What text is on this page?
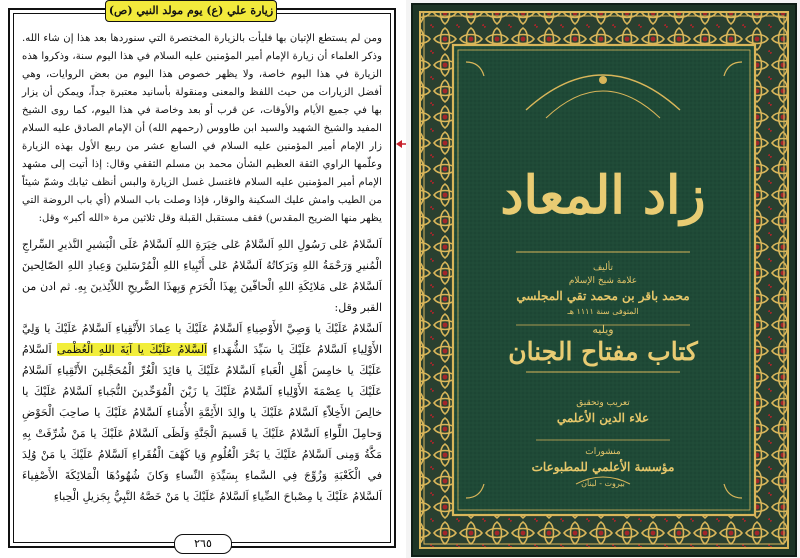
زيارة علي (ع) يوم مولد النبي (ص)

ومن لم يستطع الإتيان بها فليأت بالزيارة المختصرة التي سنوردها بعد هذا إن شاء الله. وذكر العلماء أن زيارة الإمام أمير المؤمنين عليه السلام في هذا اليوم سنة، وذكروا هذه الزيارة في هذا اليوم خاصة، ولا يظهر خصوص هذا اليوم من بعض الروايات، وهي أفضل الزيارات من حيث اللفظ والمعنى ومنقولة بأسانيد معتبرة جداً، ويمكن أن يزار بها في جميع الأيام والأوقات، عن قرب أو بعد وخاصة في هذا اليوم، كما روى الشيخ المفيد والشيخ الشهيد والسيد ابن طاووس (رحمهم الله) أن الإمام الصادق عليه السلام زار الإمام أمير المؤمنين عليه السلام في السابع عشر من ربيع الأول بهذه الزيارة وعلّمها الراوي الثقة العظيم الشأن محمد بن مسلم الثقفي وقال: إذا أتيت إلى مشهد الإمام أمير المؤمنين عليه السلام فاغتسل غسل الزيارة والبس أنظف ثيابك وشمّ شيئاً من الطيب وامش عليك السكينة والوقار، فإذا وصلت باب السلام (أي باب الروضة التي يظهر منها الضريح المقدس) فقف مستقبل القبلة وقل ثلاثين مرة «الله أكبر» وقل:

اَلسَّلامُ عَلى رَسُولِ اللهِ اَلسَّلامُ عَلى خِيَرَةِ اللهِ اَلسَّلامُ عَلَى الْبَشيرِ النَّذيرِ السِّراجِ الْمُنيرِ وَرَحْمَةُ اللهِ وَبَرَكاتُهُ اَلسَّلامُ عَلى أَنْبِياءِ اللهِ الْمُرْسَلينَ وَعِبادِ اللهِ الصّالِحينَ اَلسَّلامُ عَلى مَلائِكَةِ اللهِ الْحافّينَ بِهذَا الْحَرَمِ وَبِهذَا الضَّريحِ اللاّئِذينَ بِهِ. ثم ادن من القبر وقل:

اَلسَّلامُ عَلَيْكَ يا وَصِيَّ الأَوْصِياءِ اَلسَّلامُ عَلَيْكَ يا عِمادَ الأَتْقِياءِ اَلسَّلامُ عَلَيْكَ يا وَلِيَّ الأَوْلِياءِ اَلسَّلامُ عَلَيْكَ يا سَيِّدَ الشُّهَداءِ اَلسَّلامُ عَلَيْكَ يا آيَةَ اللهِ الْعُظْمى اَلسَّلامُ عَلَيْكَ يا خامِسَ أَهْلِ الْعَباءِ اَلسَّلامُ عَلَيْكَ يا قائِدَ الْغُرِّ الْمُحَجَّلينَ الأَتْقِياءِ اَلسَّلامُ عَلَيْكَ يا عِصْمَةَ الأَوْلِياءِ اَلسَّلامُ عَلَيْكَ يا زَيْنَ الْمُوَحِّدينَ النُّجَباءِ اَلسَّلامُ عَلَيْكَ يا خالِصَ الأَخِلاّءِ اَلسَّلامُ عَلَيْكَ يا والِدَ الأَئِمَّةِ الأُمَناءِ اَلسَّلامُ عَلَيْكَ يا صاحِبَ الْحَوْضِ وَحامِلَ اللِّواءِ اَلسَّلامُ عَلَيْكَ يا قَسيمَ الْجَنَّةِ وَلَظَى اَلسَّلامُ عَلَيْكَ يا مَنْ شُرِّفَتْ بِهِ مَكَّةُ وَمِنى اَلسَّلامُ عَلَيْكَ يا بَحْرَ الْعُلُومِ وَيا كَهْفَ الْفُقَراءِ اَلسَّلامُ عَلَيْكَ يا مَنْ وُلِدَ في الْكَعْبَةِ وَزُوِّجَ فِي السَّماءِ بِسَيِّدَةِ النِّساءِ وَكانَ شُهُودُهَا الْمَلائِكَةَ الأَصْفِياءَ اَلسَّلامُ عَلَيْكَ يا مِصْباحَ الضِّياءِ اَلسَّلامُ عَلَيْكَ يا مَنْ خَصَّهُ النَّبِيُّ بِجَزيلِ الْحِباءِ

٢٦٥
زاد المعاد
تأليف
علامة شيخ الإسلام
محمد باقر بن محمد تقي المجلسي
المتوفى سنة ١١١١ هـ
ويليه
كتاب مفتاح الجنان
تعريب وتحقيق
علاء الدين الأعلمي
منشورات
مؤسسة الأعلمي للمطبوعات
بيروت - لبنان
